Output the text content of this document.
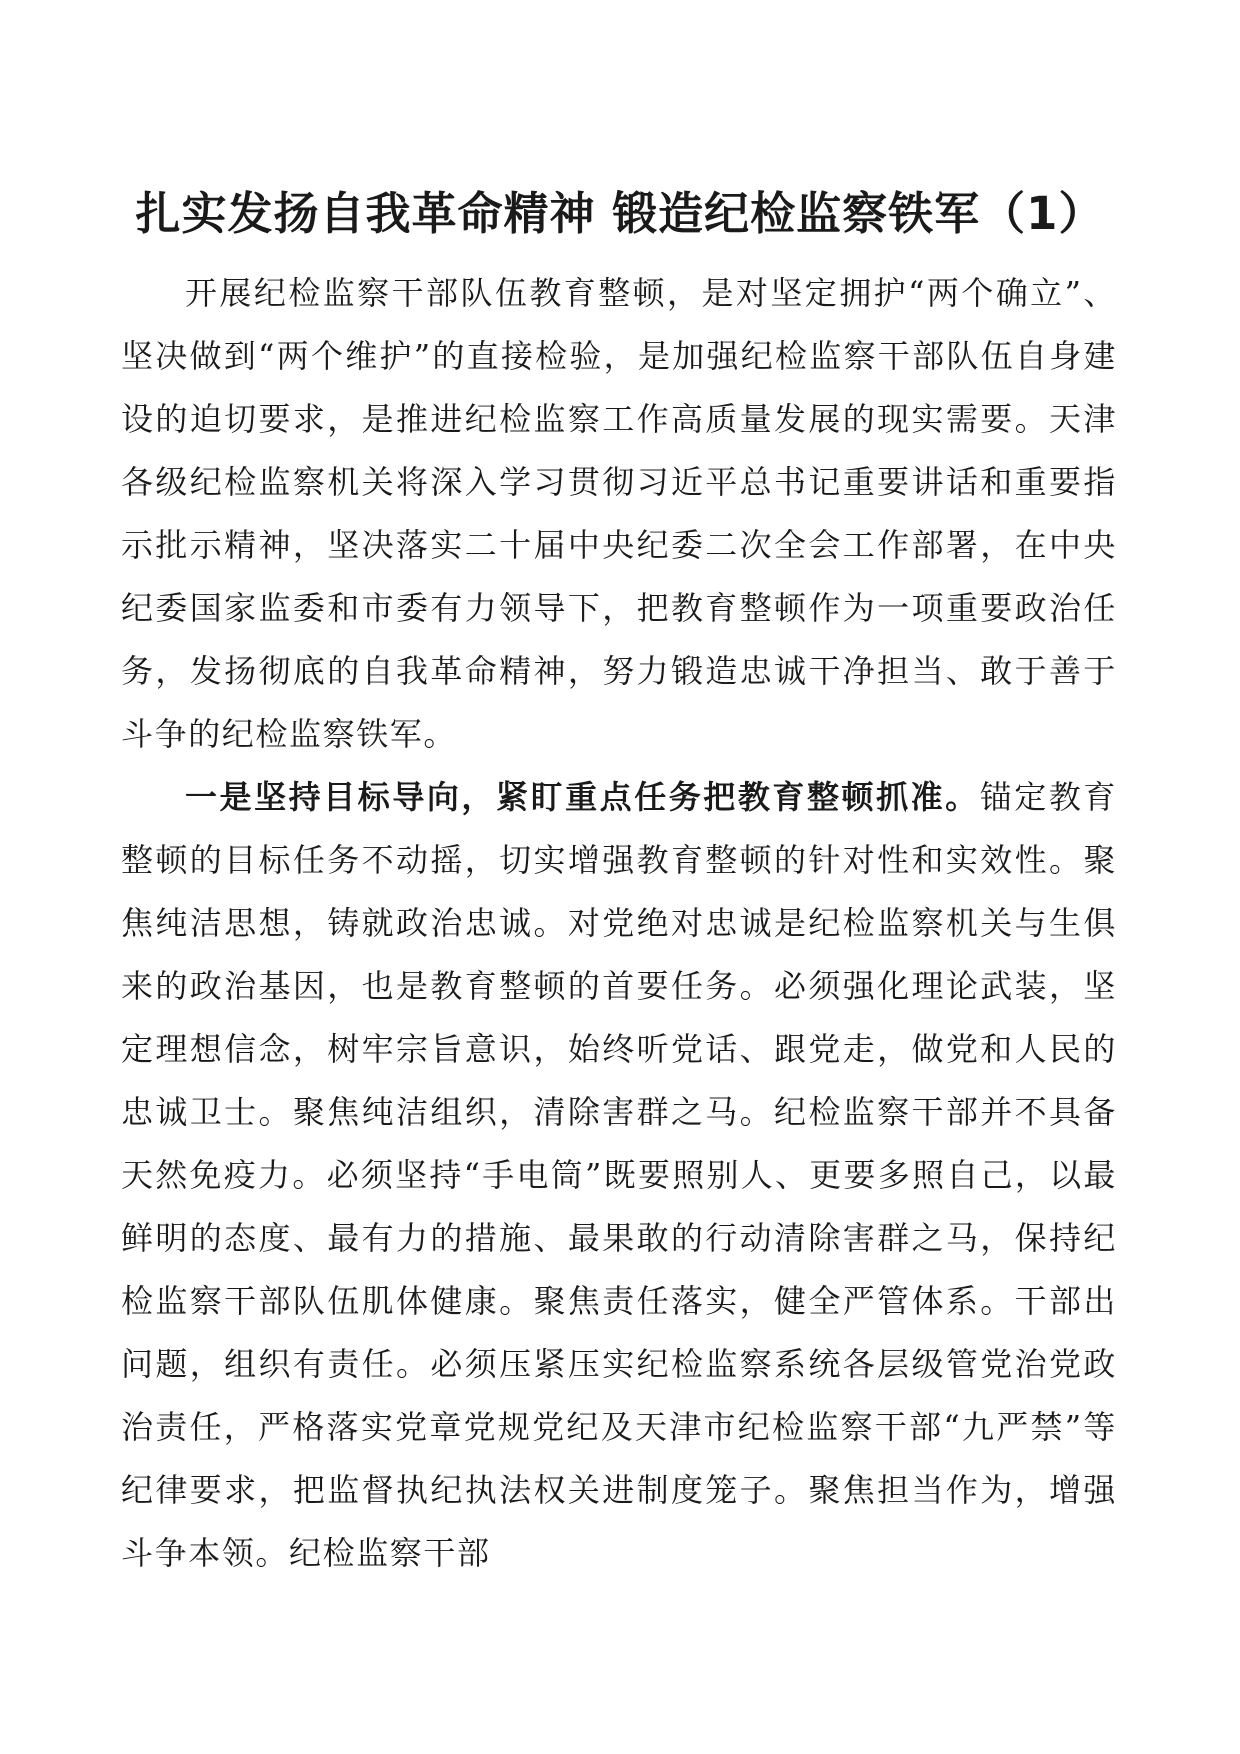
扎实发扬自我革命精神 锻造纪检监察铁军（1）

开展纪检监察干部队伍教育整顿，是对坚定拥护“两个确立”、坚决做到“两个维护”的直接检验，是加强纪检监察干部队伍自身建设的迫切要求，是推进纪检监察工作高质量发展的现实需要。天津各级纪检监察机关将深入学习贯彻习近平总书记重要讲话和重要指示批示精神，坚决落实二十届中央纪委二次全会工作部署，在中央纪委国家监委和市委有力领导下，把教育整顿作为一项重要政治任务，发扬彻底的自我革命精神，努力锻造忠诚干净担当、敢于善于斗争的纪检监察铁军。

一是坚持目标导向，紧盯重点任务把教育整顿抓准。锚定教育整顿的目标任务不动摇，切实增强教育整顿的针对性和实效性。聚焦纯洁思想，铸就政治忠诚。对党绝对忠诚是纪检监察机关与生俱来的政治基因，也是教育整顿的首要任务。必须强化理论武装，坚定理想信念，树牢宗旨意识，始终听党话、跟党走，做党和人民的忠诚卫士。聚焦纯洁组织，清除害群之马。纪检监察干部并不具备天然免疫力。必须坚持“手电筒”既要照别人、更要多照自己，以最鲜明的态度、最有力的措施、最果敢的行动清除害群之马，保持纪检监察干部队伍肌体健康。聚焦责任落实，健全严管体系。干部出问题，组织有责任。必须压紧压实纪检监察系统各层级管党治党政治责任，严格落实党章党规党纪及天津市纪检监察干部“九严禁”等纪律要求，把监督执纪执法权关进制度笼子。聚焦担当作为，增强斗争本领。纪检监察干部
